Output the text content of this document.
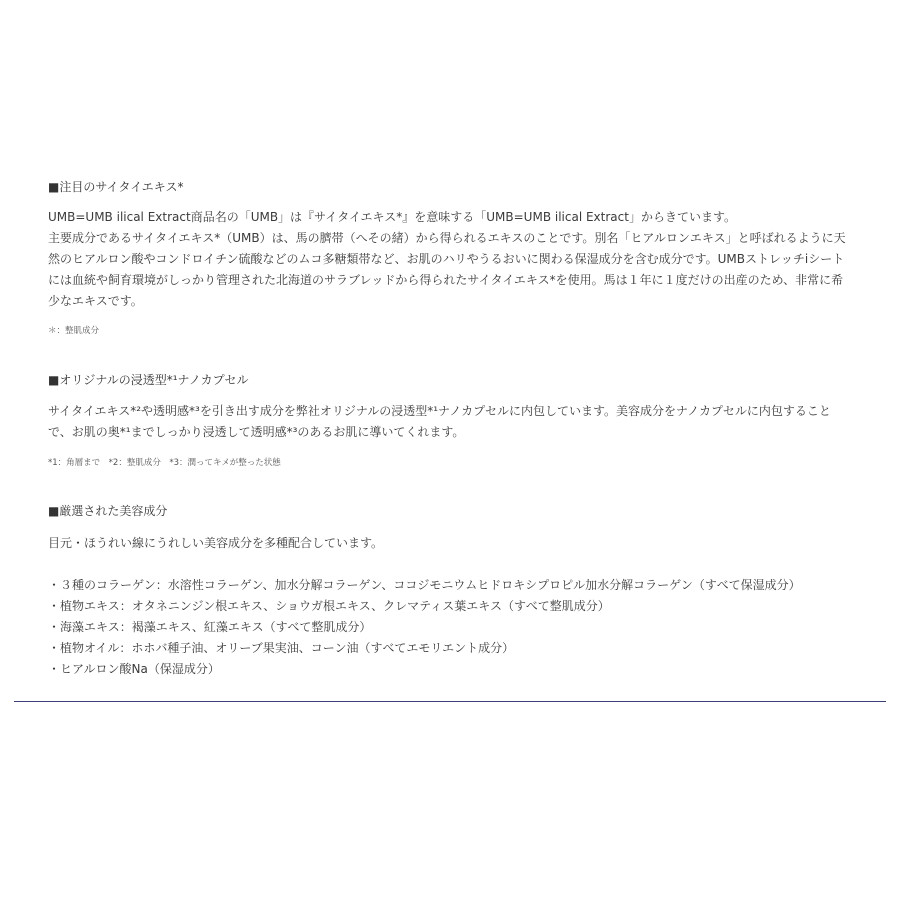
■注目のサイタイエキス*
UMB=UMB ilical Extract商品名の「UMB」は『サイタイエキス*』を意味する「UMB=UMB ilical Extract」からきています。
主要成分であるサイタイエキス*（UMB）は、馬の臍帯（へその緒）から得られるエキスのことです。別名「ヒアルロンエキス」と呼ばれるように天
然のヒアルロン酸やコンドロイチン硫酸などのムコ多糖類帯など、お肌のハリやうるおいに関わる保湿成分を含む成分です。UMBストレッチiシート
には血統や飼育環境がしっかり管理された北海道のサラブレッドから得られたサイタイエキス*を使用。馬は１年に１度だけの出産のため、非常に希
少なエキスです。
＊：整肌成分
■オリジナルの浸透型*¹ナノカプセル
サイタイエキス*²や透明感*³を引き出す成分を弊社オリジナルの浸透型*¹ナノカプセルに内包しています。美容成分をナノカプセルに内包すること
で、お肌の奥*¹までしっかり浸透して透明感*³のあるお肌に導いてくれます。
*1：角層まで　*2：整肌成分　*3：潤ってキメが整った状態
■厳選された美容成分
目元・ほうれい線にうれしい美容成分を多種配合しています。
・３種のコラーゲン：水溶性コラーゲン、加水分解コラーゲン、ココジモニウムヒドロキシプロピル加水分解コラーゲン（すべて保湿成分）
・植物エキス：オタネニンジン根エキス、ショウガ根エキス、クレマティス葉エキス（すべて整肌成分）
・海藻エキス：褐藻エキス、紅藻エキス（すべて整肌成分）
・植物オイル：ホホバ種子油、オリーブ果実油、コーン油（すべてエモリエント成分）
・ヒアルロン酸Na（保湿成分）
